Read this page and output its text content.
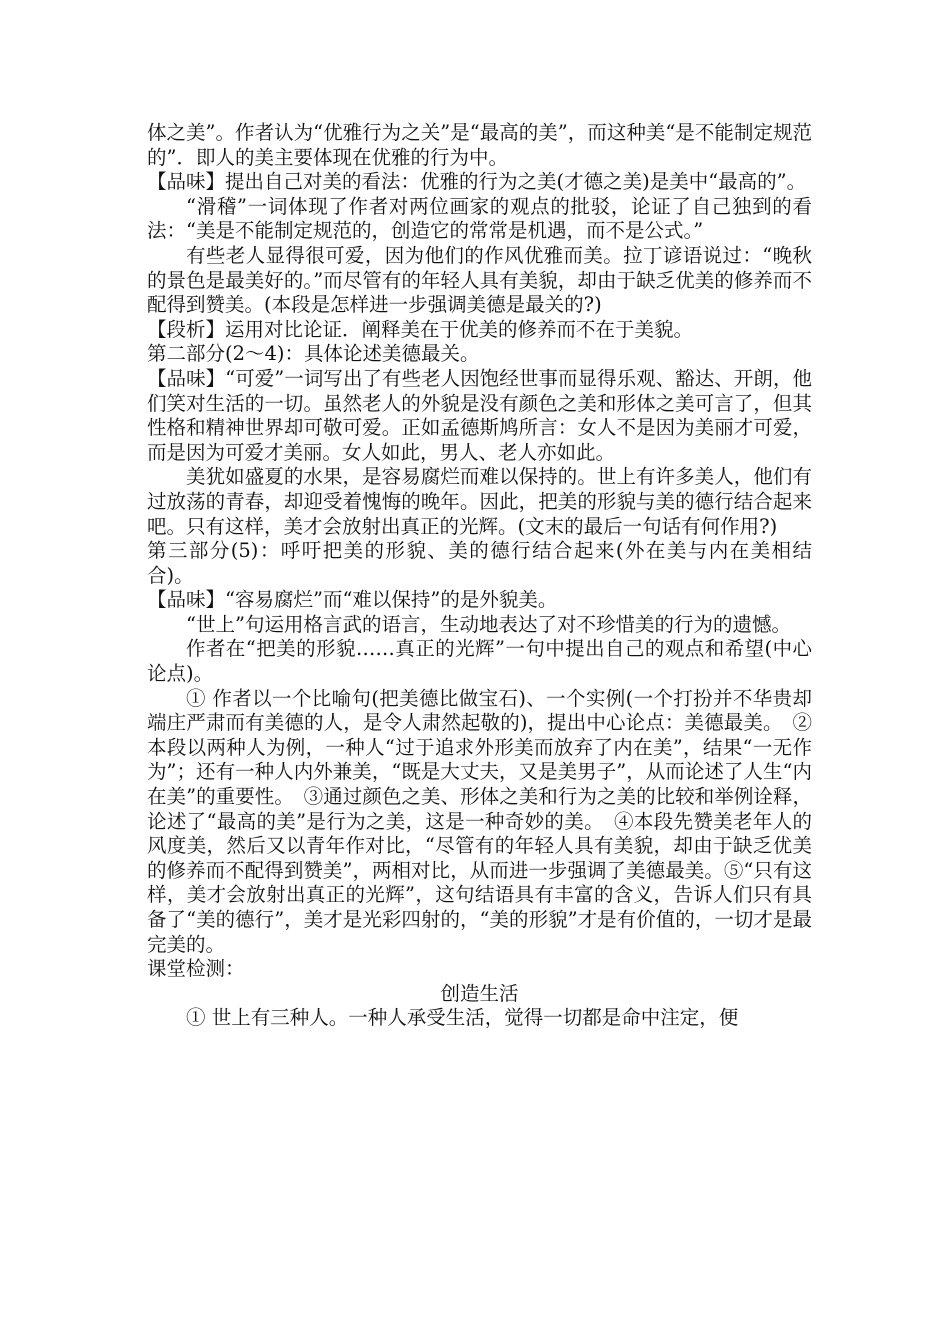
体之美”。作者认为“优雅行为之关”是“最高的美”，而这种美“是不能制定规范的”．即人的美主要体现在优雅的行为中。

【品味】提出自己对美的看法：优雅的行为之美(才德之美)是美中“最高的”。

“滑稽”一词体现了作者对两位画家的观点的批驳，论证了自己独到的看法：“美是不能制定规范的，创造它的常常是机遇，而不是公式。”

有些老人显得很可爱，因为他们的作风优雅而美。拉丁谚语说过：“晚秋的景色是最美好的。”而尽管有的年轻人具有美貌，却由于缺乏优美的修养而不配得到赞美。(本段是怎样进一步强调美德是最关的?)

【段析】运用对比论证．阐释美在于优美的修养而不在于美貌。

第二部分(2～4)：具体论述美德最关。

【品味】“可爱”一词写出了有些老人因饱经世事而显得乐观、豁达、开朗，他们笑对生活的一切。虽然老人的外貌是没有颜色之美和形体之美可言了，但其性格和精神世界却可敬可爱。正如孟德斯鸠所言：女人不是因为美丽才可爱，而是因为可爱才美丽。女人如此，男人、老人亦如此。

美犹如盛夏的水果，是容易腐烂而难以保持的。世上有许多美人，他们有过放荡的青春，却迎受着愧悔的晚年。因此，把美的形貌与美的德行结合起来吧。只有这样，美才会放射出真正的光辉。(文末的最后一句话有何作用?)

第三部分(5)：呼吁把美的形貌、美的德行结合起来(外在美与内在美相结合)。

【品味】“容易腐烂”而“难以保持”的是外貌美。

“世上”句运用格言武的语言，生动地表达了对不珍惜美的行为的遗憾。

作者在“把美的形貌……真正的光辉”一句中提出自己的观点和希望(中心论点)。

① 作者以一个比喻句(把美德比做宝石)、一个实例(一个打扮并不华贵却端庄严肃而有美德的人，是令人肃然起敬的)，提出中心论点：美德最美。　②本段以两种人为例，一种人“过于追求外形美而放弃了内在美”，结果“一无作为”；还有一种人内外兼美，“既是大丈夫，又是美男子”，从而论述了人生“内在美”的重要性。　③通过颜色之美、形体之美和行为之美的比较和举例诠释，论述了“最高的美”是行为之美，这是一种奇妙的美。　④本段先赞美老年人的风度美，然后又以青年作对比，“尽管有的年轻人具有美貌，却由于缺乏优美的修养而不配得到赞美”，两相对比，从而进一步强调了美德最美。⑤“只有这样，美才会放射出真正的光辉”，这句结语具有丰富的含义，告诉人们只有具备了“美的德行”，美才是光彩四射的，“美的形貌”才是有价值的，一切才是最完美的。

课堂检测：

创造生活

① 世上有三种人。一种人承受生活，觉得一切都是命中注定，便
